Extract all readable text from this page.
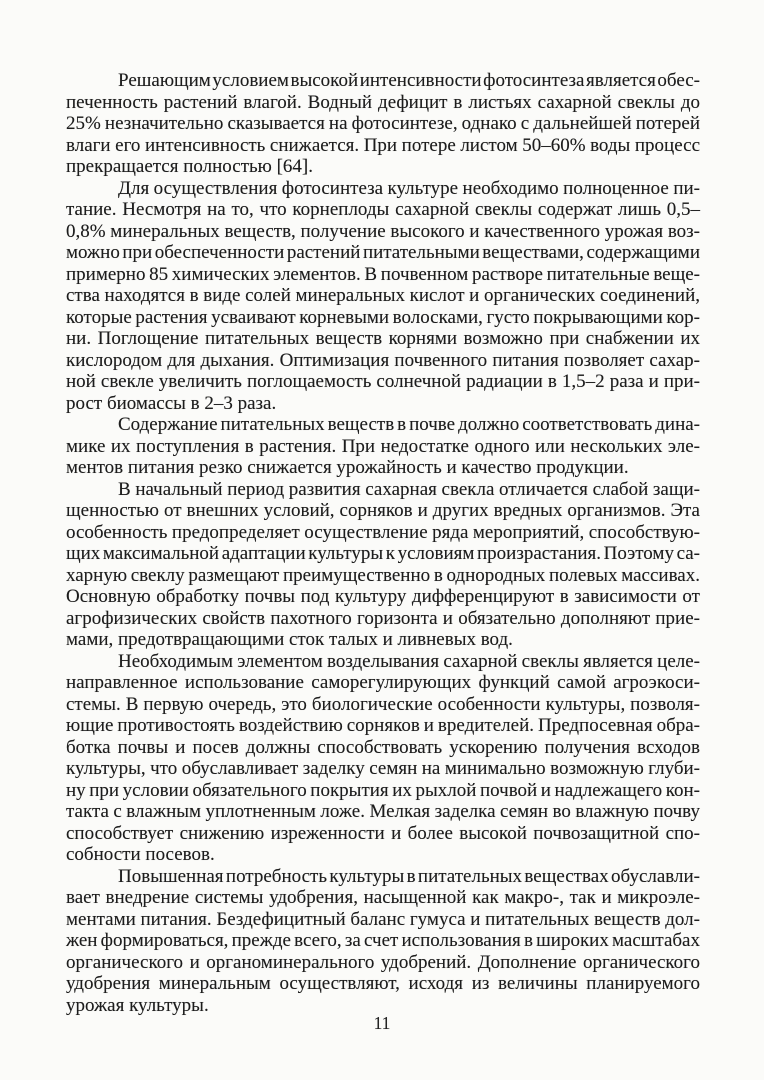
Решающим условием высокой интенсивности фотосинтеза является обес-
печенность растений влагой. Водный дефицит в листьях сахарной свеклы до
25% незначительно сказывается на фотосинтезе, однако с дальнейшей потерей
влаги его интенсивность снижается. При потере листом 50–60% воды процесс
прекращается полностью [64].
Для осуществления фотосинтеза культуре необходимо полноценное пи-
тание. Несмотря на то, что корнеплоды сахарной свеклы содержат лишь 0,5–
0,8% минеральных веществ, получение высокого и качественного урожая воз-
можно при обеспеченности растений питательными веществами, содержащими
примерно 85 химических элементов. В почвенном растворе питательные веще-
ства находятся в виде солей минеральных кислот и органических соединений,
которые растения усваивают корневыми волосками, густо покрывающими кор-
ни. Поглощение питательных веществ корнями возможно при снабжении их
кислородом для дыхания. Оптимизация почвенного питания позволяет сахар-
ной свекле увеличить поглощаемость солнечной радиации в 1,5–2 раза и при-
рост биомассы в 2–3 раза.
Содержание питательных веществ в почве должно соответствовать дина-
мике их поступления в растения. При недостатке одного или нескольких эле-
ментов питания резко снижается урожайность и качество продукции.
В начальный период развития сахарная свекла отличается слабой защи-
щенностью от внешних условий, сорняков и других вредных организмов. Эта
особенность предопределяет осуществление ряда мероприятий, способствую-
щих максимальной адаптации культуры к условиям произрастания. Поэтому са-
харную свеклу размещают преимущественно в однородных полевых массивах.
Основную обработку почвы под культуру дифференцируют в зависимости от
агрофизических свойств пахотного горизонта и обязательно дополняют прие-
мами, предотвращающими сток талых и ливневых вод.
Необходимым элементом возделывания сахарной свеклы является целе-
направленное использование саморегулирующих функций самой агроэкоси-
стемы. В первую очередь, это биологические особенности культуры, позволя-
ющие противостоять воздействию сорняков и вредителей. Предпосевная обра-
ботка почвы и посев должны способствовать ускорению получения всходов
культуры, что обуславливает заделку семян на минимально возможную глуби-
ну при условии обязательного покрытия их рыхлой почвой и надлежащего кон-
такта с влажным уплотненным ложе. Мелкая заделка семян во влажную почву
способствует снижению изреженности и более высокой почвозащитной спо-
собности посевов.
Повышенная потребность культуры в питательных веществах обуславли-
вает внедрение системы удобрения, насыщенной как макро-, так и микроэле-
ментами питания. Бездефицитный баланс гумуса и питательных веществ дол-
жен формироваться, прежде всего, за счет использования в широких масштабах
органического и органоминерального удобрений. Дополнение органического
удобрения минеральным осуществляют, исходя из величины планируемого
урожая культуры.
11
